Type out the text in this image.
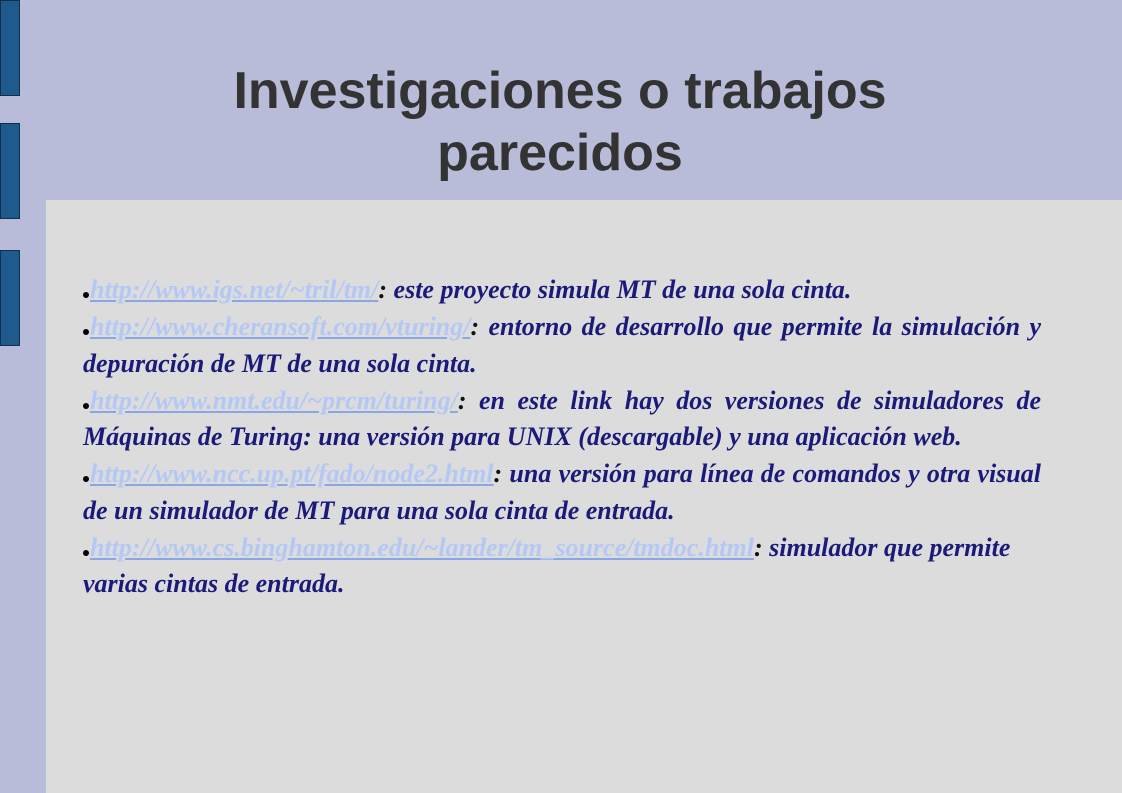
Investigaciones o trabajos parecidos
http://www.igs.net/~tril/tm/: este proyecto simula MT de una sola cinta.
http://www.cheransoft.com/vturing/: entorno de desarrollo que permite la simulación y depuración de MT de una sola cinta.
http://www.nmt.edu/~prcm/turing/: en este link hay dos versiones de simuladores de Máquinas de Turing: una versión para UNIX (descargable) y una aplicación web.
http://www.ncc.up.pt/fado/node2.html: una versión para línea de comandos y otra visual de un simulador de MT para una sola cinta de entrada.
http://www.cs.binghamton.edu/~lander/tm_source/tmdoc.html: simulador que permite varias cintas de entrada.
